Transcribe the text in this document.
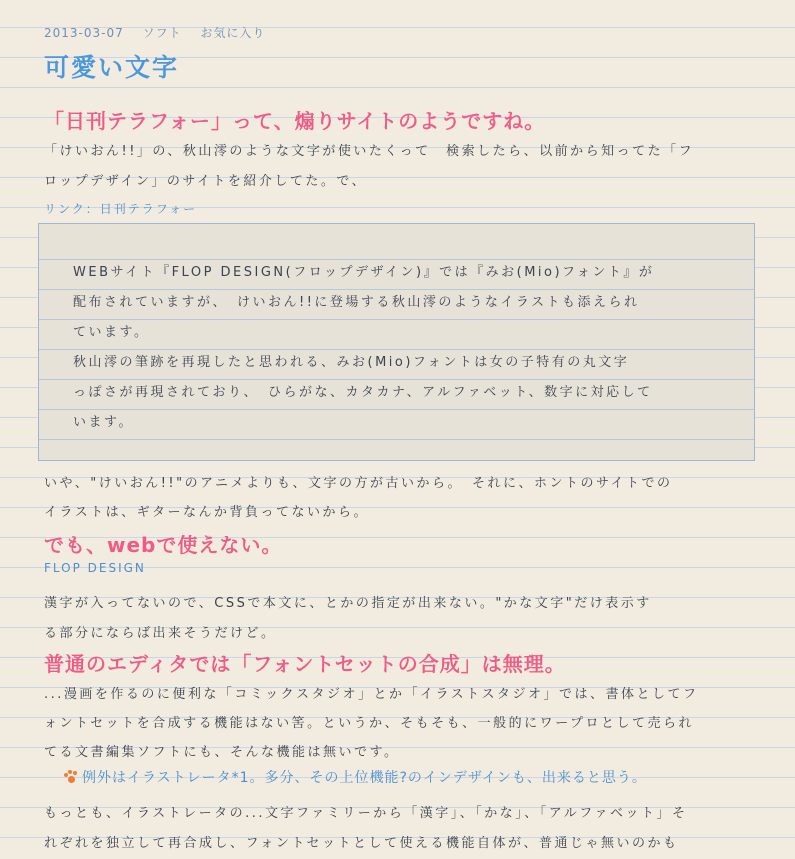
2013-03-07 ソフト お気に入り
可愛い文字
「日刊テラフォー」って、煽りサイトのようですね。
「けいおん!!」の、秋山澪のような文字が使いたくって　検索したら、以前から知ってた「フ
ロップデザイン」のサイトを紹介してた。で、
リンク：日刊テラフォー
WEBサイト『FLOP DESIGN(フロップデザイン)』では『みお(Mio)フォント』が
配布されていますが、　けいおん!!に登場する秋山澪のようなイラストも添えられ
ています。
秋山澪の筆跡を再現したと思われる、みお(Mio)フォントは女の子特有の丸文字
っぽさが再現されており、　ひらがな、カタカナ、アルファベット、数字に対応して
います。
いや、"けいおん!!"のアニメよりも、文字の方が古いから。　それに、ホントのサイトでの
イラストは、ギターなんか背負ってないから。
でも、webで使えない。
FLOP DESIGN
漢字が入ってないので、CSSで本文に、とかの指定が出来ない。"かな文字"だけ表示す
る部分にならば出来そうだけど。
普通のエディタでは「フォントセットの合成」は無理。
...漫画を作るのに便利な「コミックスタジオ」とか「イラストスタジオ」では、書体としてフ
ォントセットを合成する機能はない筈。というか、そもそも、一般的にワープロとして売られ
てる文書編集ソフトにも、そんな機能は無いです。
例外はイラストレータ*1。多分、その上位機能?のインデザインも、出来ると思う。
もっとも、イラストレータの...文字ファミリーから「漢字」、「かな」、「アルファベット」そ
れぞれを独立して再合成し、フォントセットとして使える機能自体が、普通じゃ無いのかも
